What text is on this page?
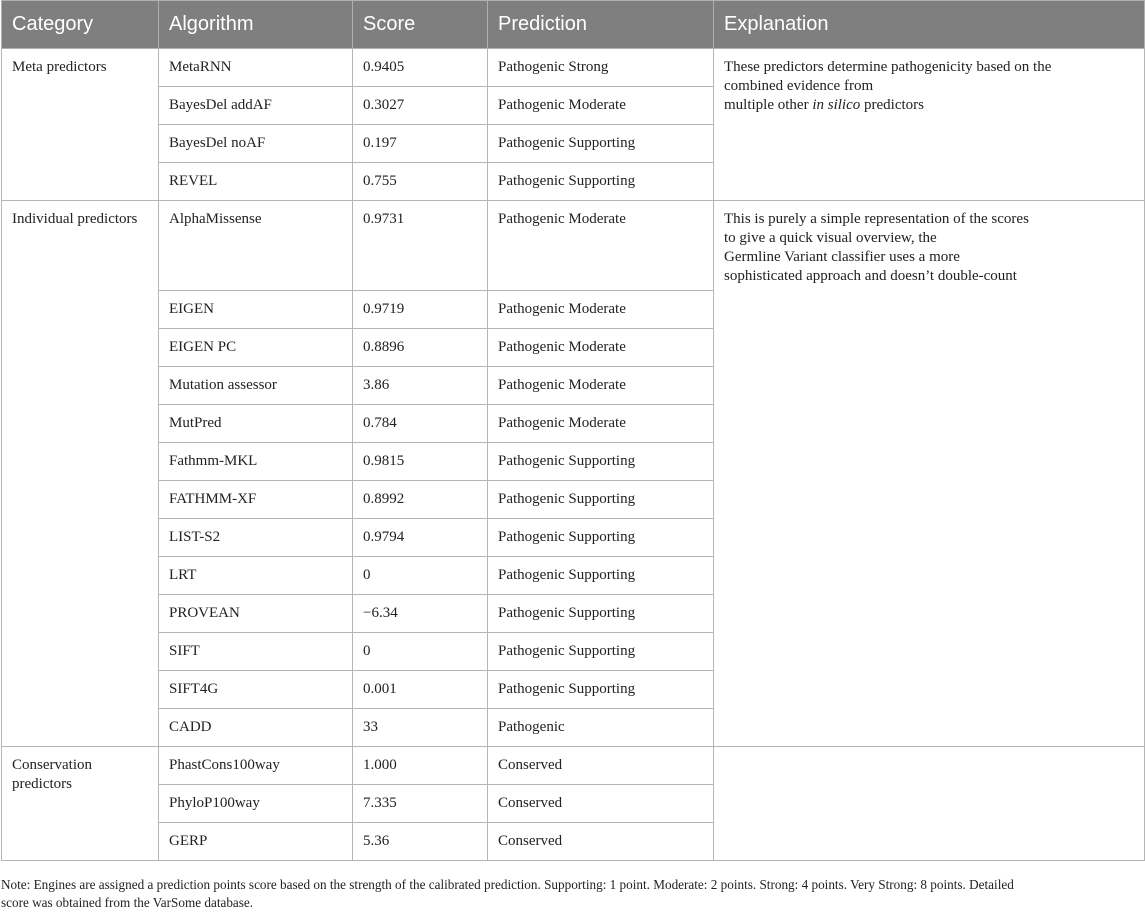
Category	Algorithm	Score	Prediction	Explanation
Meta predictors	MetaRNN	0.9405	Pathogenic Strong	These predictors determine pathogenicity based on the
combined evidence from
multiple other in silico predictors

	BayesDel addAF	0.3027	Pathogenic Moderate	
	BayesDel noAF	0.197	Pathogenic Supporting	
	REVEL	0.755	Pathogenic Supporting	
Individual predictors	AlphaMissense	0.9731	Pathogenic Moderate	This is purely a simple representation of the scores
to give a quick visual overview, the
Germline Variant classifier uses a more
sophisticated approach and doesn’t double-count

	EIGEN	0.9719	Pathogenic Moderate	
	EIGEN PC	0.8896	Pathogenic Moderate	
	Mutation assessor	3.86	Pathogenic Moderate	
	MutPred	0.784	Pathogenic Moderate	
	Fathmm-MKL	0.9815	Pathogenic Supporting	
	FATHMM-XF	0.8992	Pathogenic Supporting	
	LIST-S2	0.9794	Pathogenic Supporting	
	LRT	0	Pathogenic Supporting	
	PROVEAN	−6.34	Pathogenic Supporting	
	SIFT	0	Pathogenic Supporting	
	SIFT4G	0.001	Pathogenic Supporting	
	CADD	33	Pathogenic	

Conservation
predictors	PhastCons100way	1.000	Conserved	
	PhyloP100way	7.335	Conserved	
	GERP	5.36	Conserved	
Note: Engines are assigned a prediction points score based on the strength of the calibrated prediction. Supporting: 1 point. Moderate: 2 points. Strong: 4 points. Very Strong: 8 points. Detailed
score was obtained from the VarSome database.
